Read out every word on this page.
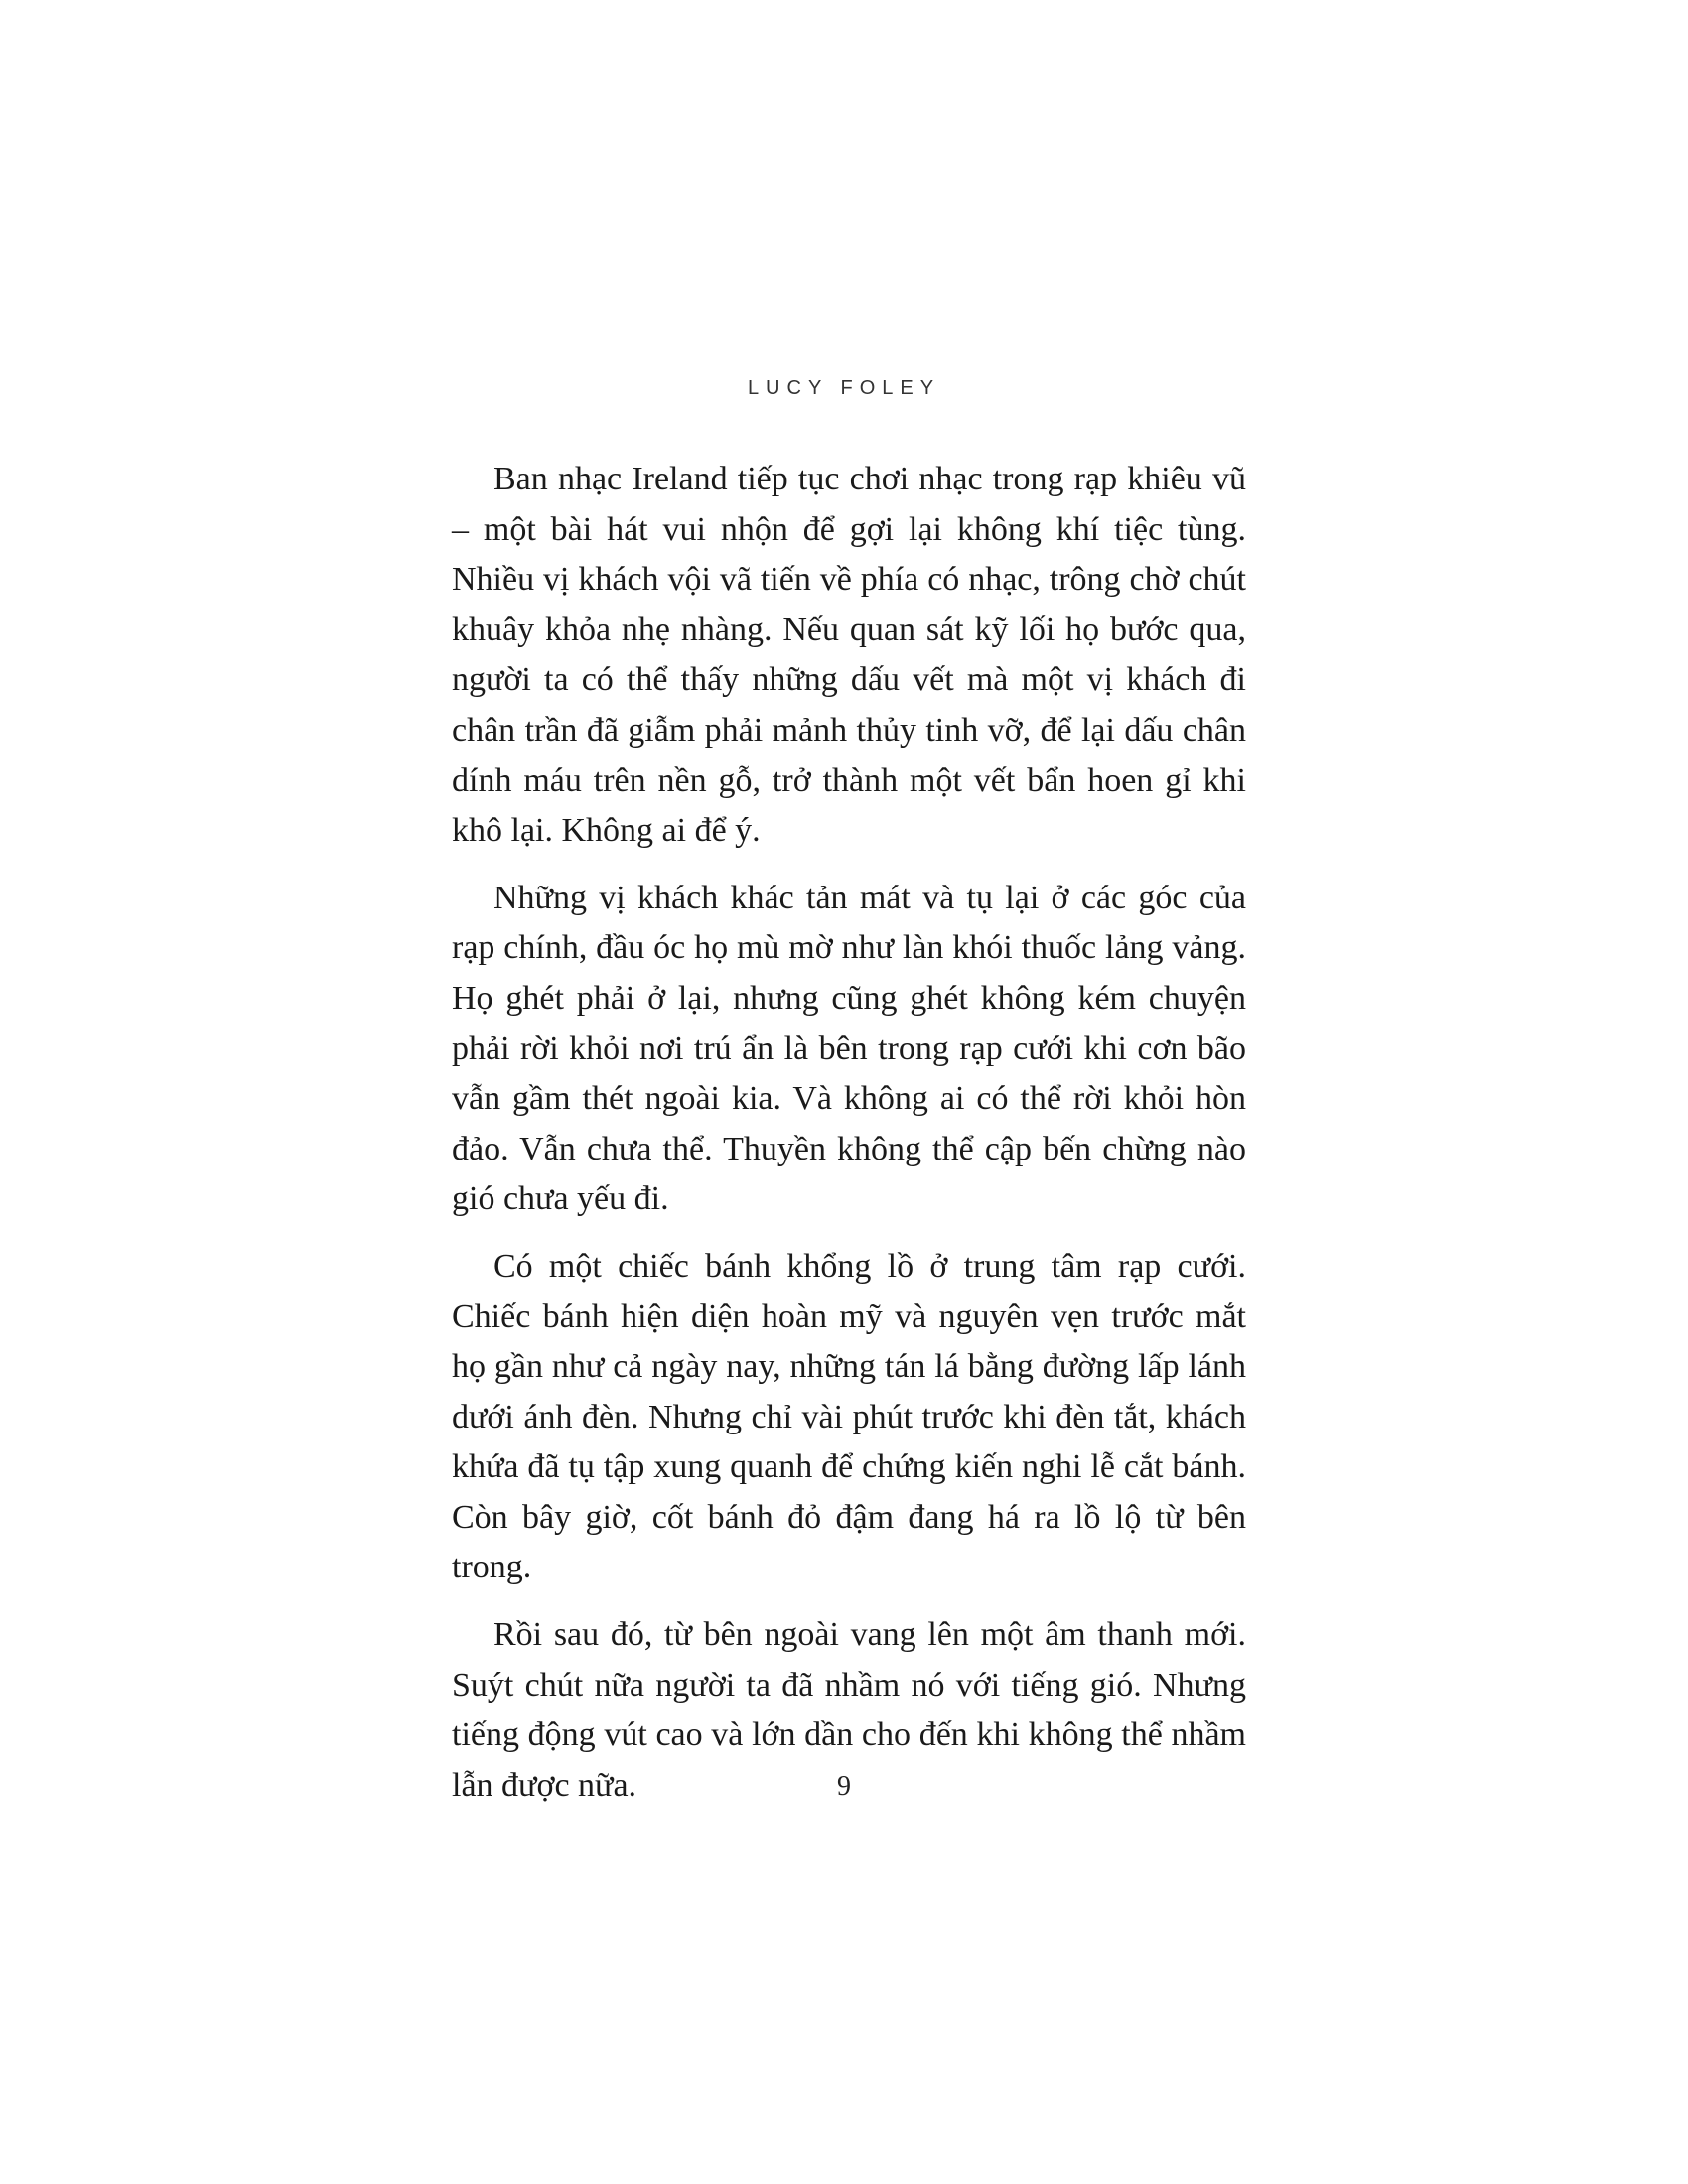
LUCY FOLEY

Ban nhạc Ireland tiếp tục chơi nhạc trong rạp khiêu vũ – một bài hát vui nhộn để gợi lại không khí tiệc tùng. Nhiều vị khách vội vã tiến về phía có nhạc, trông chờ chút khuây khỏa nhẹ nhàng. Nếu quan sát kỹ lối họ bước qua, người ta có thể thấy những dấu vết mà một vị khách đi chân trần đã giẫm phải mảnh thủy tinh vỡ, để lại dấu chân dính máu trên nền gỗ, trở thành một vết bẩn hoen gỉ khi khô lại. Không ai để ý.

Những vị khách khác tản mát và tụ lại ở các góc của rạp chính, đầu óc họ mù mờ như làn khói thuốc lảng vảng. Họ ghét phải ở lại, nhưng cũng ghét không kém chuyện phải rời khỏi nơi trú ẩn là bên trong rạp cưới khi cơn bão vẫn gầm thét ngoài kia. Và không ai có thể rời khỏi hòn đảo. Vẫn chưa thể. Thuyền không thể cập bến chừng nào gió chưa yếu đi.

Có một chiếc bánh khổng lồ ở trung tâm rạp cưới. Chiếc bánh hiện diện hoàn mỹ và nguyên vẹn trước mắt họ gần như cả ngày nay, những tán lá bằng đường lấp lánh dưới ánh đèn. Nhưng chỉ vài phút trước khi đèn tắt, khách khứa đã tụ tập xung quanh để chứng kiến nghi lễ cắt bánh. Còn bây giờ, cốt bánh đỏ đậm đang há ra lồ lộ từ bên trong.

Rồi sau đó, từ bên ngoài vang lên một âm thanh mới. Suýt chút nữa người ta đã nhầm nó với tiếng gió. Nhưng tiếng động vút cao và lớn dần cho đến khi không thể nhầm lẫn được nữa.	9
